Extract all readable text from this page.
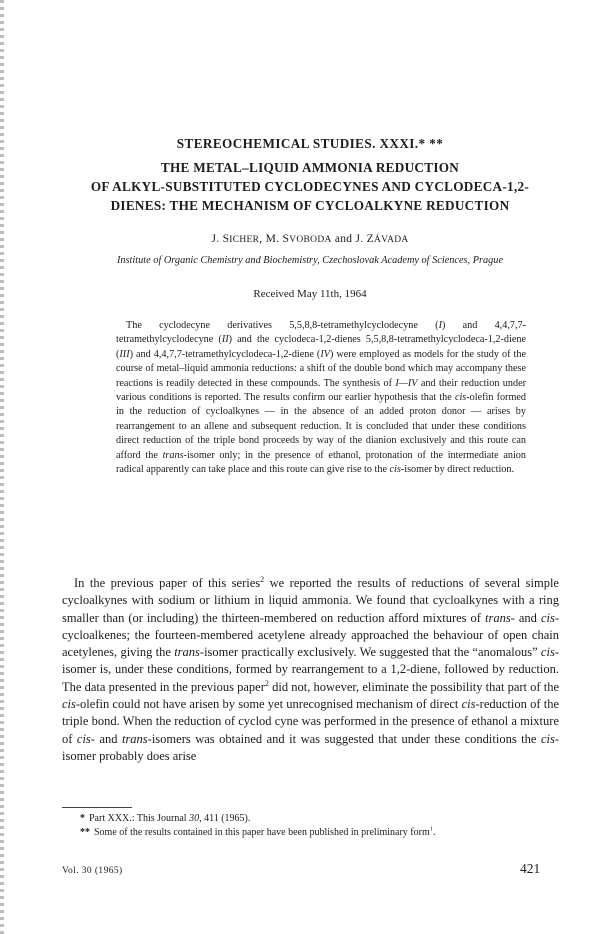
STEREOCHEMICAL STUDIES. XXXI.* **
THE METAL–LIQUID AMMONIA REDUCTION
OF ALKYL-SUBSTITUTED CYCLODECYNES AND CYCLODECA-1,2-
DIENES: THE MECHANISM OF CYCLOALKYNE REDUCTION
J. SICHER, M. SVOBODA and J. ZÁVADA
Institute of Organic Chemistry and Biochemistry, Czechoslovak Academy of Sciences, Prague
Received May 11th, 1964

The cyclodecyne derivatives 5,5,8,8-tetramethylcyclodecyne (I) and 4,4,7,7-tetramethylcyclodecyne (II) and the cyclodeca-1,2-dienes 5,5,8,8-tetramethylcyclodeca-1,2-diene (III) and 4,4,7,7-tetramethylcyclodeca-1,2-diene (IV) were employed as models for the study of the course of metal–liquid ammonia reductions: a shift of the double bond which may accompany these reactions is readily detected in these compounds. The synthesis of I—IV and their reduction under various conditions is reported. The results confirm our earlier hypothesis that the cis-olefin formed in the reduction of cycloalkynes — in the absence of an added proton donor — arises by rearrangement to an allene and subsequent reduction. It is concluded that under these conditions direct reduction of the triple bond proceeds by way of the dianion exclusively and this route can afford the trans-isomer only; in the presence of ethanol, protonation of the intermediate anion radical apparently can take place and this route can give rise to the cis-isomer by direct reduction.

In the previous paper of this series$^2$ we reported the results of reductions of several simple cycloalkynes with sodium or lithium in liquid ammonia. We found that cycloalkynes with a ring smaller than (or including) the thirteen-membered on reduction afford mixtures of trans- and cis-cycloalkenes; the fourteen-membered acetylene already approached the behaviour of open chain acetylenes, giving the trans-isomer practically exclusively. We suggested that the “anomalous” cis-isomer is, under these conditions, formed by rearrangement to a 1,2-diene, followed by reduction. The data presented in the previous paper$^2$ did not, however, eliminate the possibility that part of the cis-olefin could not have arisen by some yet unrecognised mechanism of direct cis-reduction of the triple bond. When the reduction of cyclod cyne was performed in the presence of ethanol a mixture of cis- and trans-isomers was obtained and it was suggested that under these conditions the cis-isomer probably does arise

* Part XXX.: This Journal 30, 411 (1965).

** Some of the results contained in this paper have been published in preliminary form$^1$.

Vol. 30 (1965)	421
